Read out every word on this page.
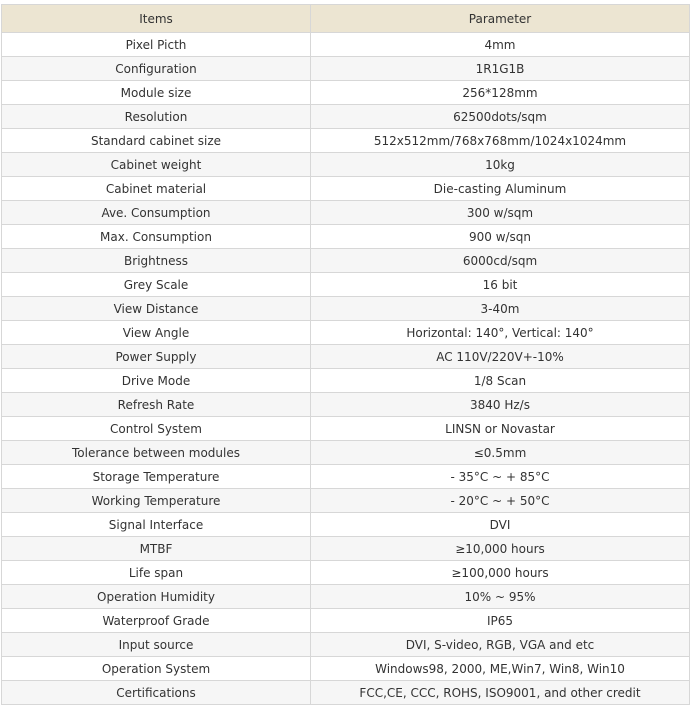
Items	Parameter
Pixel Picth	4mm
Configuration	1R1G1B
Module size	256*128mm
Resolution	62500dots/sqm
Standard cabinet size	512x512mm/768x768mm/1024x1024mm
Cabinet weight	10kg
Cabinet material	Die-casting Aluminum
Ave. Consumption	300 w/sqm
Max. Consumption	900 w/sqn
Brightness	6000cd/sqm
Grey Scale	16 bit
View Distance	3-40m
View Angle	Horizontal: 140°, Vertical: 140°
Power Supply	AC 110V/220V+-10%
Drive Mode	1/8 Scan
Refresh Rate	3840 Hz/s
Control System	LINSN or Novastar
Tolerance between modules	≤0.5mm
Storage Temperature	- 35°C ~ + 85°C
Working Temperature	- 20°C ~ + 50°C
Signal Interface	DVI
MTBF	≥10,000 hours
Life span	≥100,000 hours
Operation Humidity	10% ~ 95%
Waterproof Grade	IP65
Input source	DVI, S-video, RGB, VGA and etc
Operation System	Windows98, 2000, ME,Win7, Win8, Win10
Certifications	FCC,CE, CCC, ROHS, ISO9001, and other credit
